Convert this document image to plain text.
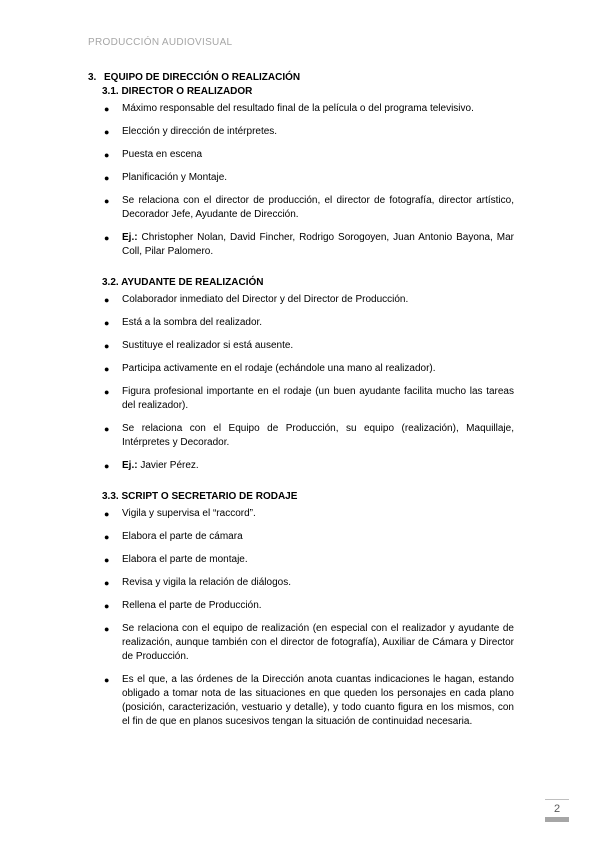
PRODUCCIÓN AUDIOVISUAL
3. EQUIPO DE DIRECCIÓN O REALIZACIÓN
3.1. DIRECTOR O REALIZADOR
● Máximo responsable del resultado final de la película o del programa televisivo.
● Elección y dirección de intérpretes.
● Puesta en escena
● Planificación y Montaje.
● Se relaciona con el director de producción, el director de fotografía, director artístico, Decorador Jefe, Ayudante de Dirección.
● Ej.: Christopher Nolan, David Fincher, Rodrigo Sorogoyen, Juan Antonio Bayona, Mar Coll, Pilar Palomero.
3.2. AYUDANTE DE REALIZACIÓN
● Colaborador inmediato del Director y del Director de Producción.
● Está a la sombra del realizador.
● Sustituye el realizador si está ausente.
● Participa activamente en el rodaje (echándole una mano al realizador).
● Figura profesional importante en el rodaje (un buen ayudante facilita mucho las tareas del realizador).
● Se relaciona con el Equipo de Producción, su equipo (realización), Maquillaje, Intérpretes y Decorador.
● Ej.: Javier Pérez.
3.3. SCRIPT O SECRETARIO DE RODAJE
● Vigila y supervisa el “raccord”.
● Elabora el parte de cámara
● Elabora el parte de montaje.
● Revisa y vigila la relación de diálogos.
● Rellena el parte de Producción.
● Se relaciona con el equipo de realización (en especial con el realizador y ayudante de realización, aunque también con el director de fotografía), Auxiliar de Cámara y Director de Producción.
● Es el que, a las órdenes de la Dirección anota cuantas indicaciones le hagan, estando obligado a tomar nota de las situaciones en que queden los personajes en cada plano (posición, caracterización, vestuario y detalle), y todo cuanto figura en los mismos, con el fin de que en planos sucesivos tengan la situación de continuidad necesaria.
2
